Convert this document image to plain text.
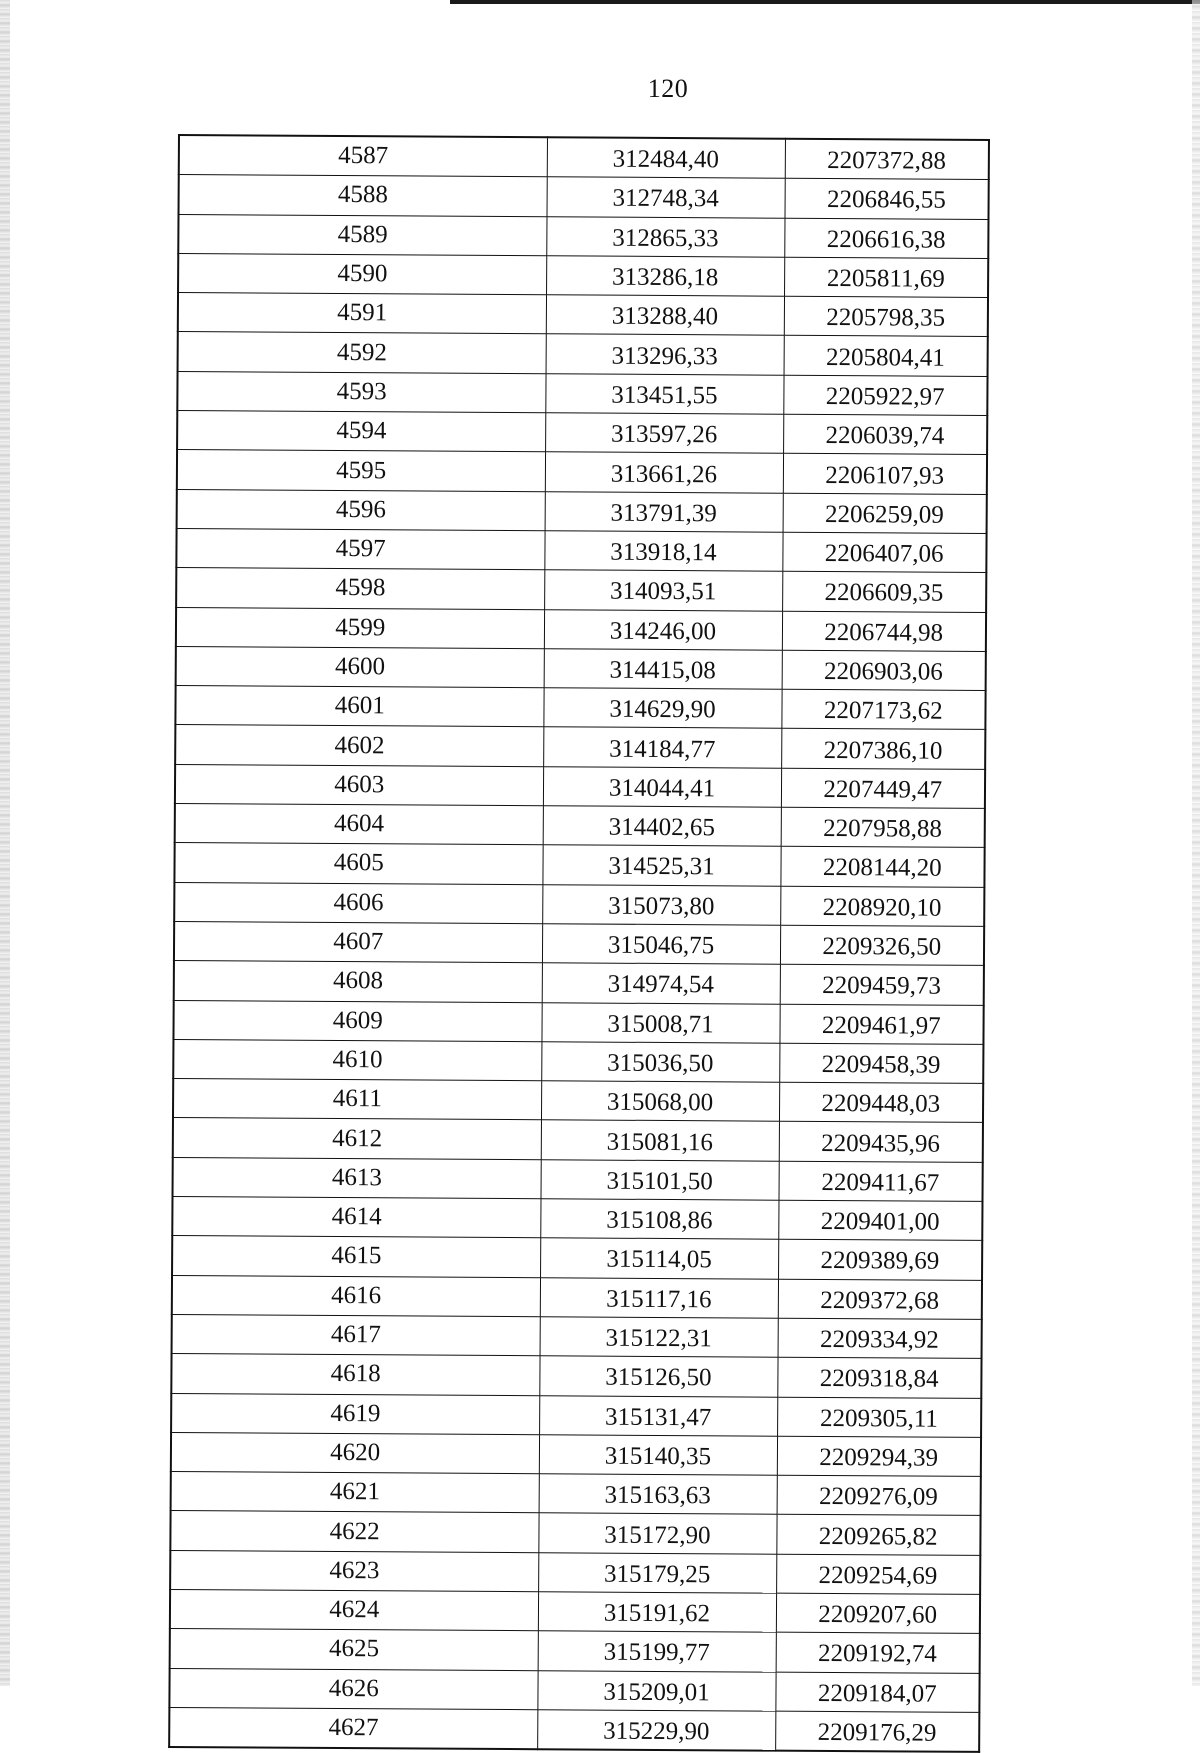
120
4587	312484,40	2207372,88
4588	312748,34	2206846,55
4589	312865,33	2206616,38
4590	313286,18	2205811,69
4591	313288,40	2205798,35
4592	313296,33	2205804,41
4593	313451,55	2205922,97
4594	313597,26	2206039,74
4595	313661,26	2206107,93
4596	313791,39	2206259,09
4597	313918,14	2206407,06
4598	314093,51	2206609,35
4599	314246,00	2206744,98
4600	314415,08	2206903,06
4601	314629,90	2207173,62
4602	314184,77	2207386,10
4603	314044,41	2207449,47
4604	314402,65	2207958,88
4605	314525,31	2208144,20
4606	315073,80	2208920,10
4607	315046,75	2209326,50
4608	314974,54	2209459,73
4609	315008,71	2209461,97
4610	315036,50	2209458,39
4611	315068,00	2209448,03
4612	315081,16	2209435,96
4613	315101,50	2209411,67
4614	315108,86	2209401,00
4615	315114,05	2209389,69
4616	315117,16	2209372,68
4617	315122,31	2209334,92
4618	315126,50	2209318,84
4619	315131,47	2209305,11
4620	315140,35	2209294,39
4621	315163,63	2209276,09
4622	315172,90	2209265,82
4623	315179,25	2209254,69
4624	315191,62	2209207,60
4625	315199,77	2209192,74
4626	315209,01	2209184,07
4627	315229,90	2209176,29
